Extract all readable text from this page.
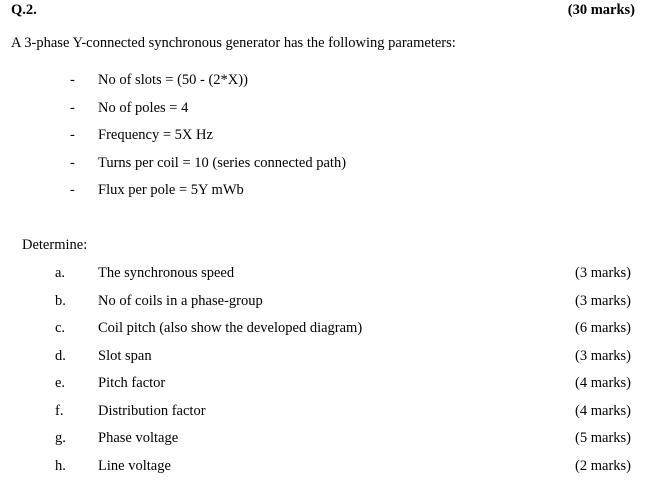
Q.2.	(30 marks)
A 3-phase Y-connected synchronous generator has the following parameters:
- No of slots = (50 - (2*X))
- No of poles = 4
- Frequency = 5X Hz
- Turns per coil = 10 (series connected path)
- Flux per pole = 5Y mWb
Determine:
a. The synchronous speed	(3 marks)
b. No of coils in a phase-group	(3 marks)
c. Coil pitch (also show the developed diagram)	(6 marks)
d. Slot span	(3 marks)
e. Pitch factor	(4 marks)
f. Distribution factor	(4 marks)
g. Phase voltage	(5 marks)
h. Line voltage	(2 marks)
